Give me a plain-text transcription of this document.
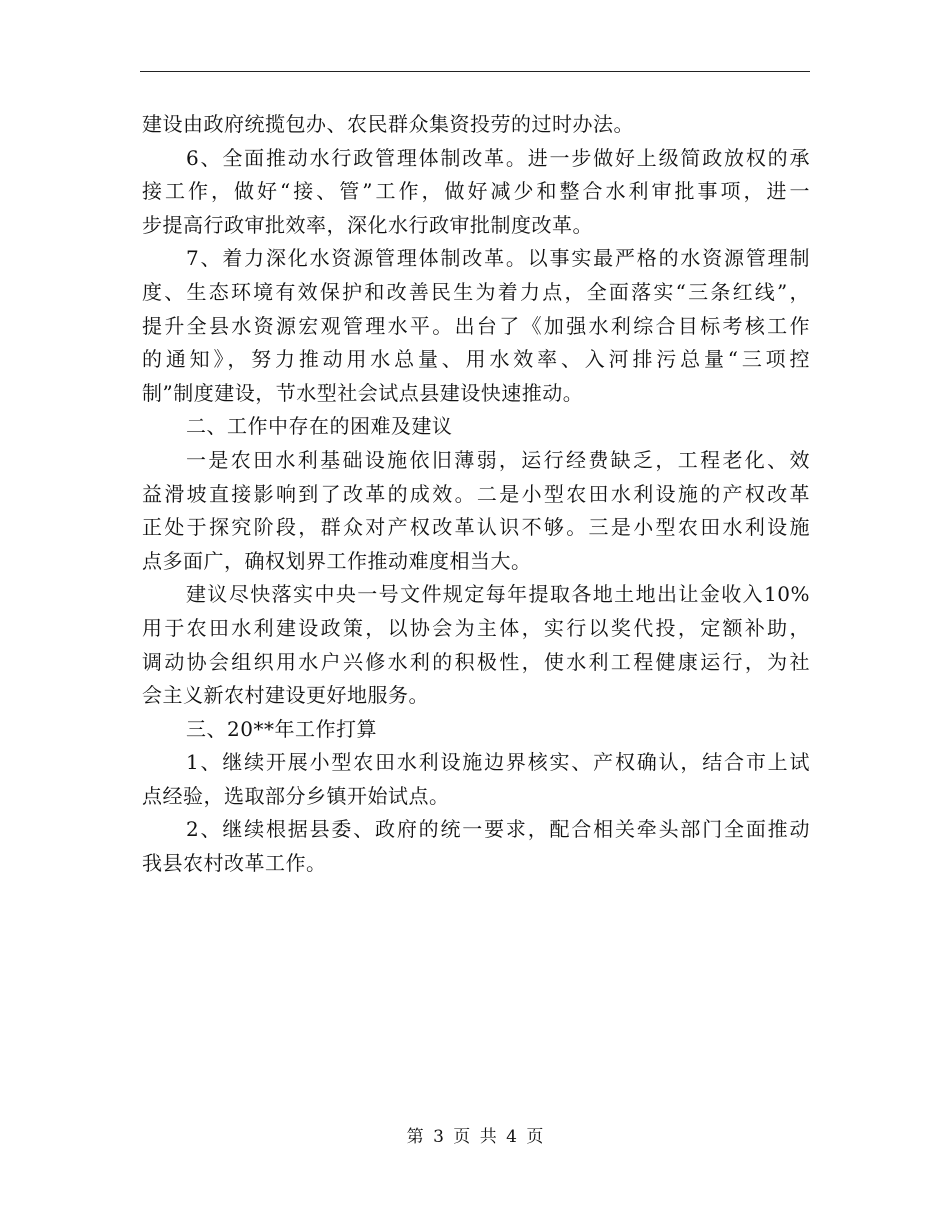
建设由政府统揽包办、农民群众集资投劳的过时办法。
6、全面推动水行政管理体制改革。进一步做好上级简政放权的承
接工作，做好“接、管”工作，做好减少和整合水利审批事项，进一
步提高行政审批效率，深化水行政审批制度改革。
7、着力深化水资源管理体制改革。以事实最严格的水资源管理制
度、生态环境有效保护和改善民生为着力点，全面落实“三条红线”，
提升全县水资源宏观管理水平。出台了《加强水利综合目标考核工作
的通知》，努力推动用水总量、用水效率、入河排污总量“三项控
制”制度建设，节水型社会试点县建设快速推动。
二、工作中存在的困难及建议
一是农田水利基础设施依旧薄弱，运行经费缺乏，工程老化、效
益滑坡直接影响到了改革的成效。二是小型农田水利设施的产权改革
正处于探究阶段，群众对产权改革认识不够。三是小型农田水利设施
点多面广，确权划界工作推动难度相当大。
建议尽快落实中央一号文件规定每年提取各地土地出让金收入10%
用于农田水利建设政策，以协会为主体，实行以奖代投，定额补助，
调动协会组织用水户兴修水利的积极性，使水利工程健康运行，为社
会主义新农村建设更好地服务。
三、20**年工作打算
1、继续开展小型农田水利设施边界核实、产权确认，结合市上试
点经验，选取部分乡镇开始试点。
2、继续根据县委、政府的统一要求，配合相关牵头部门全面推动
我县农村改革工作。
第 3 页 共 4 页
